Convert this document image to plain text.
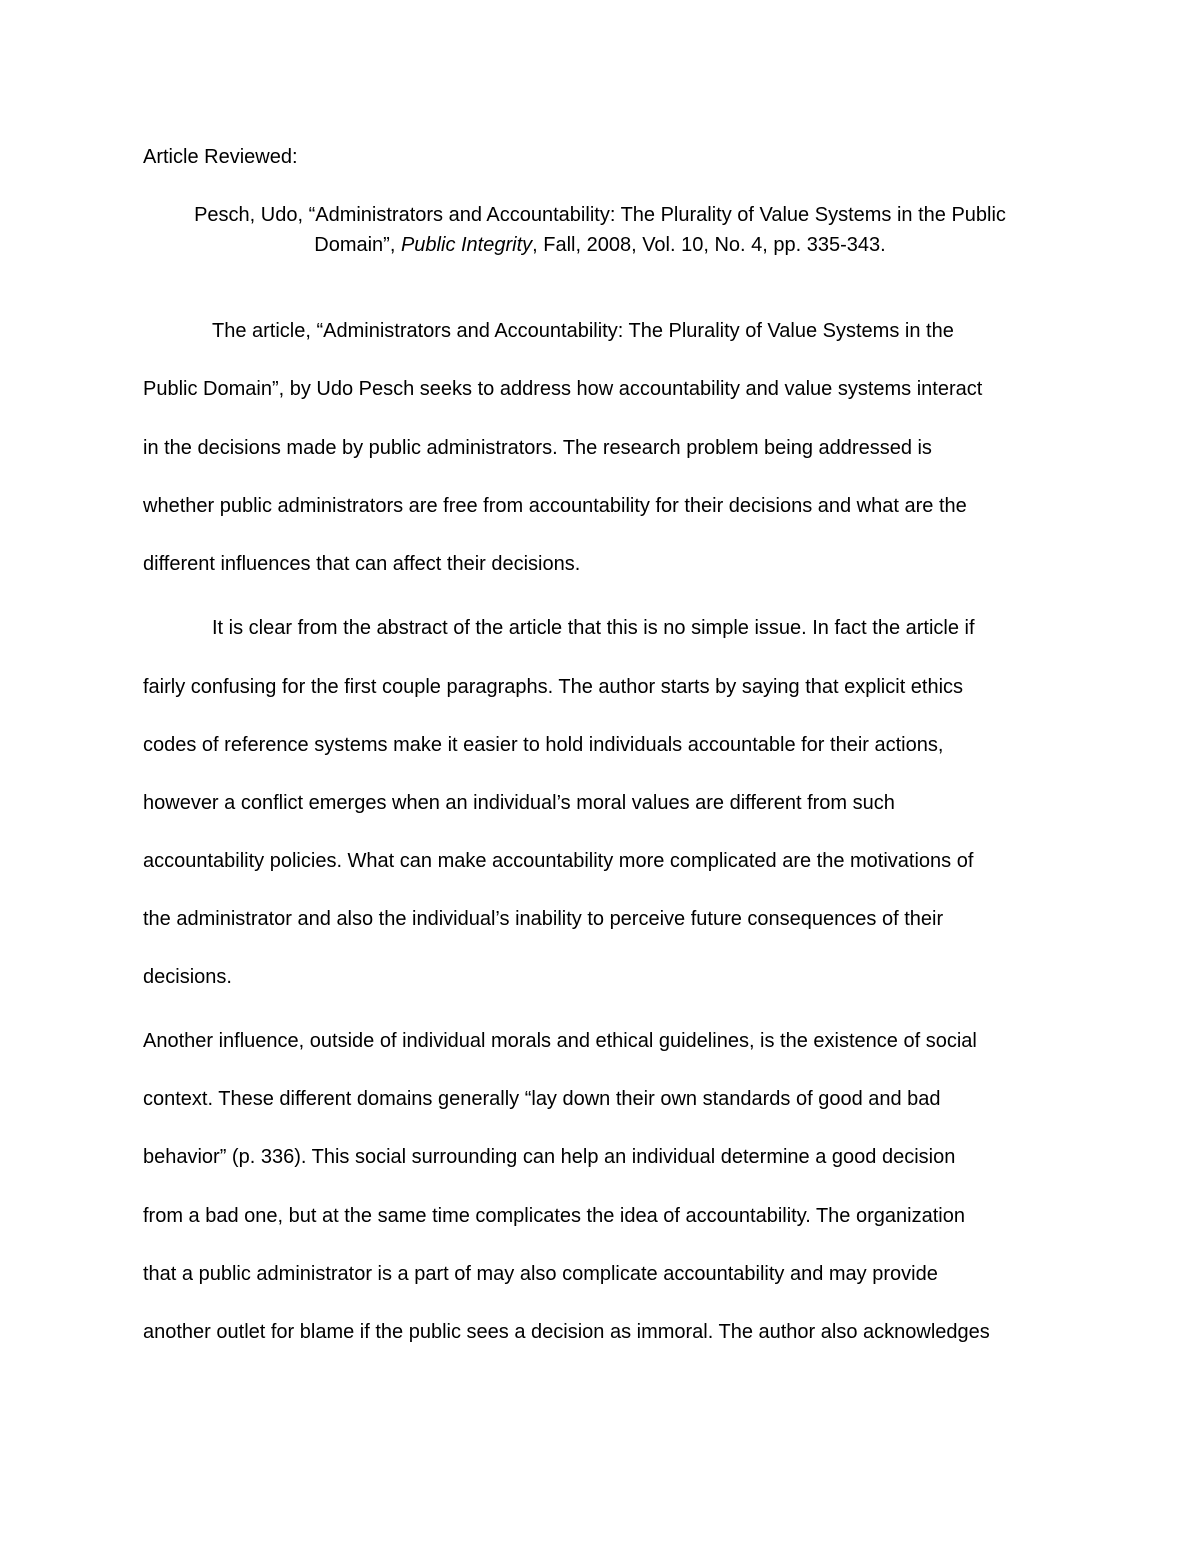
Article Reviewed:
Pesch, Udo, “Administrators and Accountability: The Plurality of Value Systems in the Public
Domain”, Public Integrity, Fall, 2008, Vol. 10, No. 4, pp. 335-343.
The article, “Administrators and Accountability: The Plurality of Value Systems in the
Public Domain”, by Udo Pesch seeks to address how accountability and value systems interact
in the decisions made by public administrators. The research problem being addressed is
whether public administrators are free from accountability for their decisions and what are the
different influences that can affect their decisions.
It is clear from the abstract of the article that this is no simple issue. In fact the article if
fairly confusing for the first couple paragraphs. The author starts by saying that explicit ethics
codes of reference systems make it easier to hold individuals accountable for their actions,
however a conflict emerges when an individual’s moral values are different from such
accountability policies. What can make accountability more complicated are the motivations of
the administrator and also the individual’s inability to perceive future consequences of their
decisions.
Another influence, outside of individual morals and ethical guidelines, is the existence of social
context. These different domains generally “lay down their own standards of good and bad
behavior” (p. 336). This social surrounding can help an individual determine a good decision
from a bad one, but at the same time complicates the idea of accountability. The organization
that a public administrator is a part of may also complicate accountability and may provide
another outlet for blame if the public sees a decision as immoral. The author also acknowledges
